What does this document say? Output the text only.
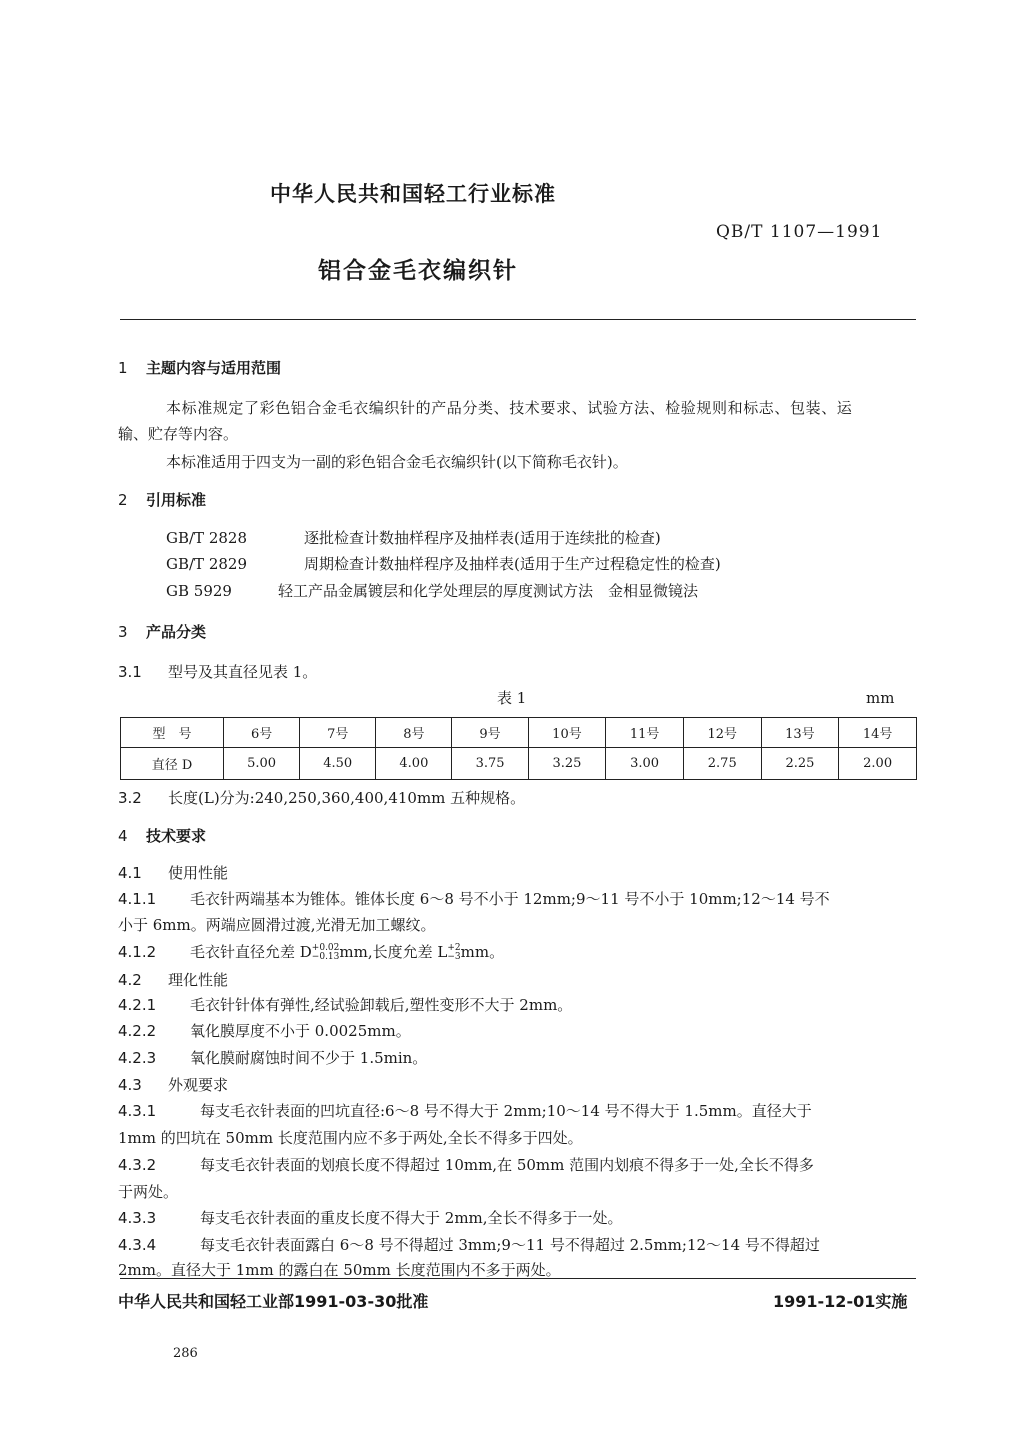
中华人民共和国轻工行业标准
QB/T 1107—1991
铝合金毛衣编织针
1 主题内容与适用范围
本标准规定了彩色铝合金毛衣编织针的产品分类、技术要求、试验方法、检验规则和标志、包装、运
输、贮存等内容。
本标准适用于四支为一副的彩色铝合金毛衣编织针(以下简称毛衣针)。
2 引用标准
GB/T 2828	逐批检查计数抽样程序及抽样表(适用于连续批的检查)
GB/T 2829	周期检查计数抽样程序及抽样表(适用于生产过程稳定性的检查)
GB 5929	轻工产品金属镀层和化学处理层的厚度测试方法　金相显微镜法
3 产品分类
3.1 型号及其直径见表 1。
表 1	mm
型　号	6号	7号	8号	9号	10号	11号	12号	13号	14号
直径 D	5.00	4.50	4.00	3.75	3.25	3.00	2.75	2.25	2.00
3.2 长度(L)分为:240,250,360,400,410mm 五种规格。
4 技术要求
4.1 使用性能
4.1.1 毛衣针两端基本为锥体。锥体长度 6～8 号不小于 12mm;9～11 号不小于 10mm;12～14 号不
小于 6mm。两端应圆滑过渡,光滑无加工螺纹。
4.1.2 毛衣针直径允差 D +0.02
−0.13 mm,长度允差 L +2
−3 mm。
4.2 理化性能
4.2.1 毛衣针针体有弹性,经试验卸载后,塑性变形不大于 2mm。
4.2.2 氧化膜厚度不小于 0.0025mm。
4.2.3 氧化膜耐腐蚀时间不少于 1.5min。
4.3 外观要求
4.3.1	每支毛衣针表面的凹坑直径:6～8 号不得大于 2mm;10～14 号不得大于 1.5mm。直径大于
1mm 的凹坑在 50mm 长度范围内应不多于两处,全长不得多于四处。
4.3.2	每支毛衣针表面的划痕长度不得超过 10mm,在 50mm 范围内划痕不得多于一处,全长不得多
于两处。
4.3.3	每支毛衣针表面的重皮长度不得大于 2mm,全长不得多于一处。
4.3.4	每支毛衣针表面露白 6～8 号不得超过 3mm;9～11 号不得超过 2.5mm;12～14 号不得超过
2mm。直径大于 1mm 的露白在 50mm 长度范围内不多于两处。
中华人民共和国轻工业部1991-03-30批准	1991-12-01实施
286
